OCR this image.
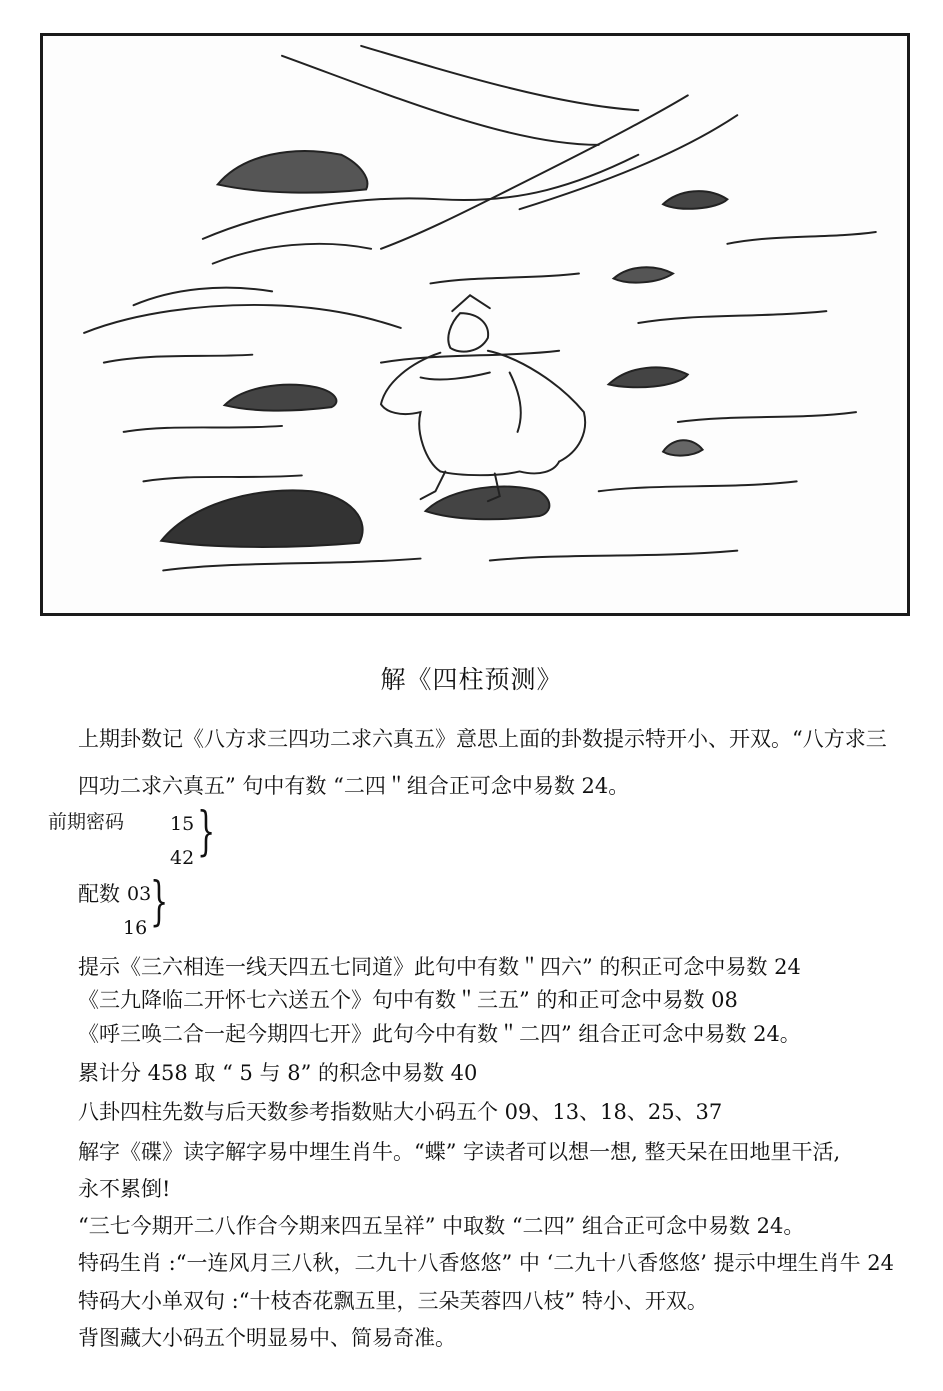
解《四柱预测》
上期卦数记《八方求三四功二求六真五》意思上面的卦数提示特开小、开双。“八方求三
四功二求六真五” 句中有数 “二四＂组合正可念中易数 24。
前期密码 15
42 }
配数 03
16 }
提示《三六相连一线天四五七同道》此句中有数＂四六” 的积正可念中易数 24
《三九降临二开怀七六送五个》句中有数＂三五” 的和正可念中易数 08
《呼三唤二合一起今期四七开》此句今中有数＂二四” 组合正可念中易数 24。
累计分 458 取 “ 5 与 8” 的积念中易数 40
八卦四柱先数与后天数参考指数贴大小码五个 09、13、18、25、37
解字《碟》读字解字易中埋生肖牛。“蝶” 字读者可以想一想, 整天呆在田地里干活,
永不累倒!
“三七今期开二八作合今期来四五呈祥” 中取数 “二四” 组合正可念中易数 24。
特码生肖 :“一连风月三八秋，二九十八香悠悠” 中 ‘二九十八香悠悠’ 提示中埋生肖牛 24
特码大小单双句 :“十枝杏花飘五里，三朵芙蓉四八枝” 特小、开双。
背图藏大小码五个明显易中、简易奇准。
